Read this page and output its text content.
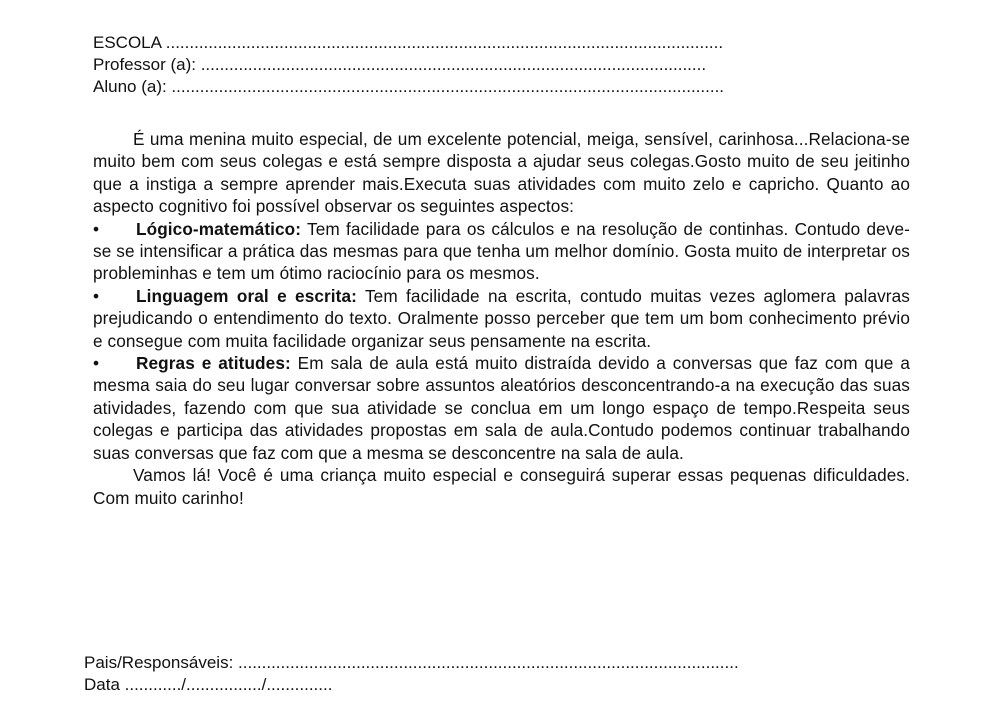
ESCOLA ......................................................................................................................
Professor (a): ...........................................................................................................
Aluno (a): .....................................................................................................................

É uma menina muito especial, de um excelente potencial, meiga, sensível, carinhosa...Relaciona-se muito bem com seus colegas e está sempre disposta a ajudar seus colegas.Gosto muito de seu jeitinho que a instiga a sempre aprender mais.Executa suas atividades com muito zelo e capricho. Quanto ao aspecto cognitivo foi possível observar os seguintes aspectos:

• Lógico-matemático: Tem facilidade para os cálculos e na resolução de continhas. Contudo deve-se se intensificar a prática das mesmas para que tenha um melhor domínio. Gosta muito de interpretar os probleminhas e tem um ótimo raciocínio para os mesmos.

• Linguagem oral e escrita: Tem facilidade na escrita, contudo muitas vezes aglomera palavras prejudicando o entendimento do texto. Oralmente posso perceber que tem um bom conhecimento prévio e consegue com muita facilidade organizar seus pensamente na escrita.

• Regras e atitudes: Em sala de aula está muito distraída devido a conversas que faz com que a mesma saia do seu lugar conversar sobre assuntos aleatórios desconcentrando-a na execução das suas atividades, fazendo com que sua atividade se conclua em um longo espaço de tempo.Respeita seus colegas e participa das atividades propostas em sala de aula.Contudo podemos continuar trabalhando suas conversas que faz com que a mesma se desconcentre na sala de aula.

Vamos lá! Você é uma criança muito especial e conseguirá superar essas pequenas dificuldades. Com muito carinho!

Pais/Responsáveis: ..........................................................................................................
Data ............/................/..............
